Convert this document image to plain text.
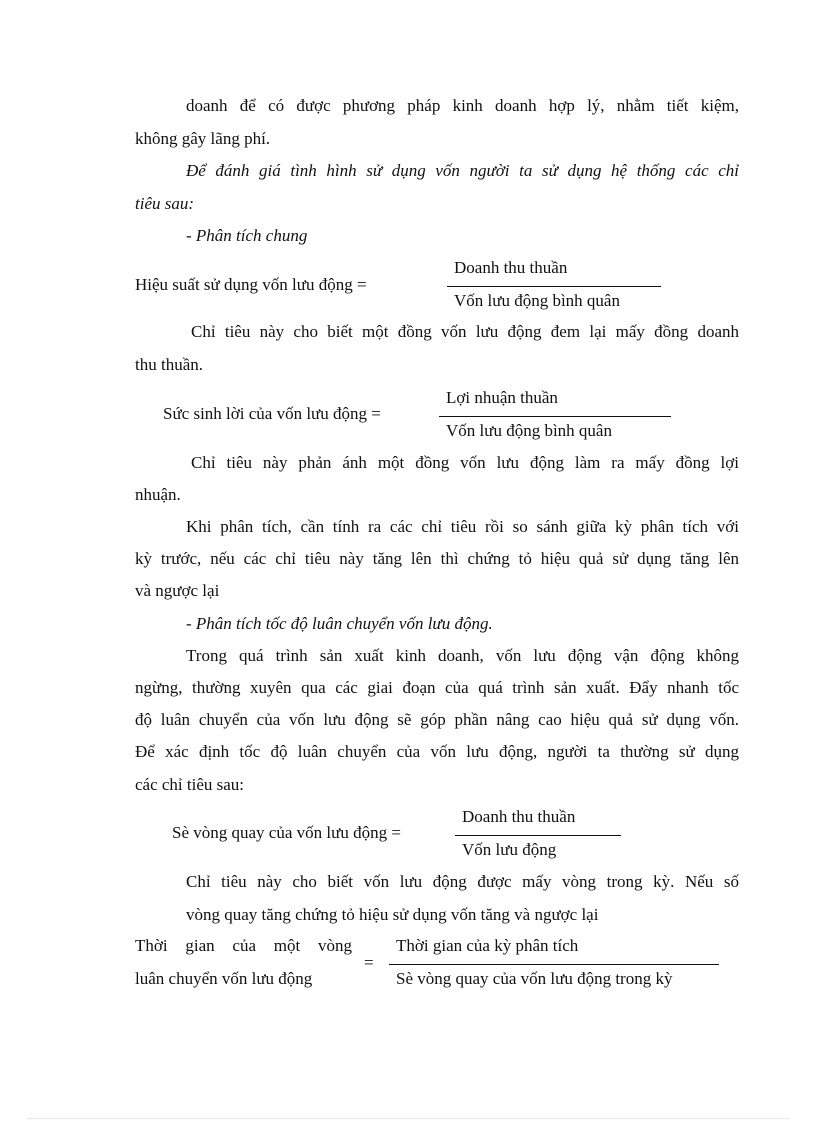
doanh để có được phương pháp kinh doanh hợp lý, nhằm tiết kiệm,
không gây lãng phí.
Để đánh giá tình hình sử dụng vốn người ta sử dụng hệ thống các chỉ
tiêu sau:
- Phân tích chung
Hiệu suất sử dụng vốn lưu động =
Doanh thu thuần
Vốn lưu động bình quân
Chỉ tiêu này cho biết một đồng vốn lưu động đem lại mấy đồng doanh
thu thuần.
Sức sinh lời của vốn lưu động =
Lợi nhuận thuần
Vốn lưu động bình quân
Chỉ tiêu này phản ánh một đồng vốn lưu động làm ra mấy đồng lợi
nhuận.
Khi phân tích, cần tính ra các chỉ tiêu rồi so sánh giữa kỳ phân tích với
kỳ trước, nếu các chỉ tiêu này tăng lên thì chứng tỏ hiệu quả sử dụng tăng lên
và ngược lại
- Phân tích tốc độ luân chuyển vốn lưu động.
Trong quá trình sản xuất kinh doanh, vốn lưu động vận động không
ngừng, thường xuyên qua các giai đoạn của quá trình sản xuất. Đẩy nhanh tốc
độ luân chuyển của vốn lưu động sẽ góp phần nâng cao hiệu quả sử dụng vốn.
Để xác định tốc độ luân chuyển của vốn lưu động, người ta thường sử dụng
các chỉ tiêu sau:
Sè vòng quay của vốn lưu động =
Doanh thu thuần
Vốn lưu động
Chỉ tiêu này cho biết vốn lưu động được mấy vòng trong kỳ. Nếu số
vòng quay tăng chứng tỏ hiệu sử dụng vốn tăng và ngược lại
Thời gian của một vòng
luân chuyển vốn lưu động
=
Thời gian của kỳ phân tích
Sè vòng quay của vốn lưu động trong kỳ
